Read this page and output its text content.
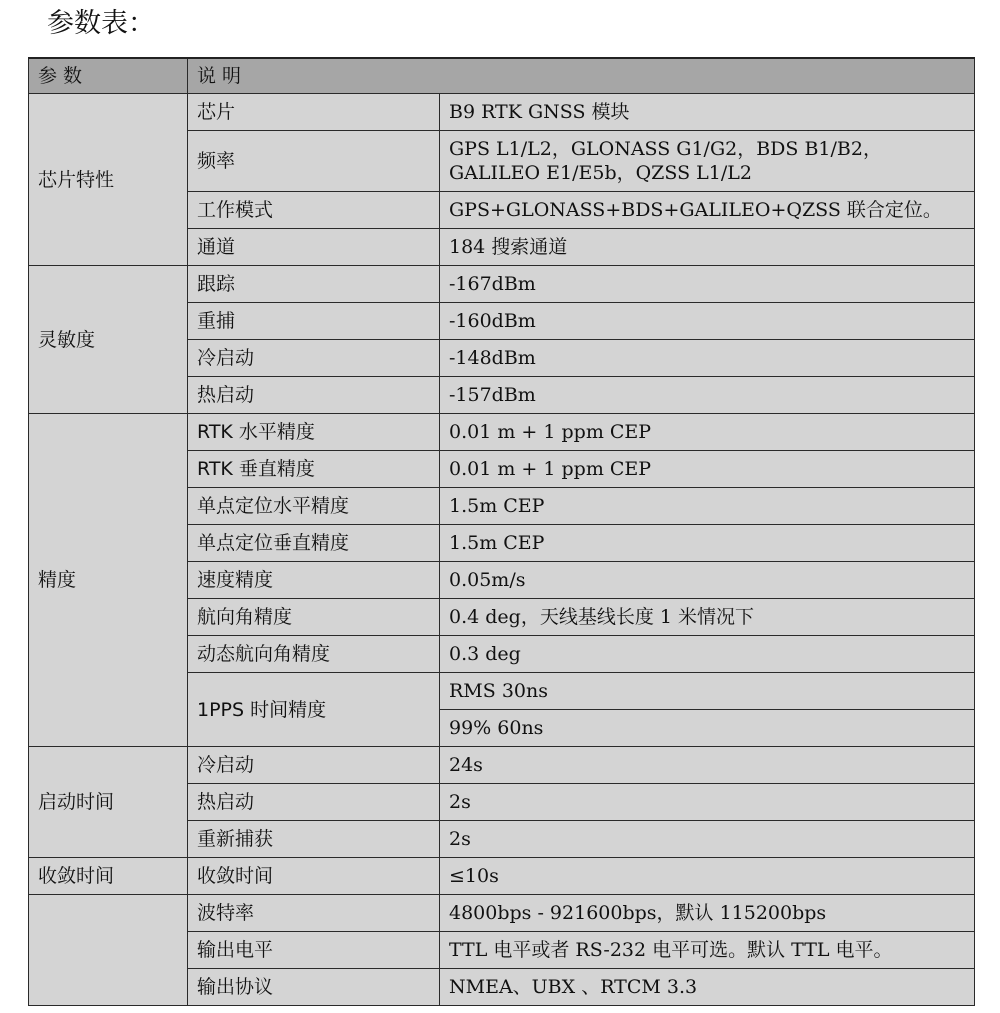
参数表：
参 数	说 明	
芯片特性	芯片	B9 RTK GNSS 模块
	频率	GPS L1/L2，GLONASS G1/G2，BDS B1/B2，GALILEO E1/E5b，QZSS L1/L2
	工作模式	GPS+GLONASS+BDS+GALILEO+QZSS 联合定位。
	通道	184 搜索通道
灵敏度	跟踪	-167dBm
	重捕	-160dBm
	冷启动	-148dBm
	热启动	-157dBm
精度	RTK 水平精度	0.01 m + 1 ppm CEP
	RTK 垂直精度	0.01 m + 1 ppm CEP
	单点定位水平精度	1.5m CEP
	单点定位垂直精度	1.5m CEP
	速度精度	0.05m/s
	航向角精度	0.4 deg，天线基线长度 1 米情况下
	动态航向角精度	0.3 deg
	1PPS 时间精度	RMS 30ns
		99% 60ns
启动时间	冷启动	24s
	热启动	2s
	重新捕获	2s
收敛时间	收敛时间	≤10s
	波特率	4800bps - 921600bps，默认 115200bps
	输出电平	TTL 电平或者 RS-232 电平可选。默认 TTL 电平。
	输出协议	NMEA、UBX 、RTCM 3.3
